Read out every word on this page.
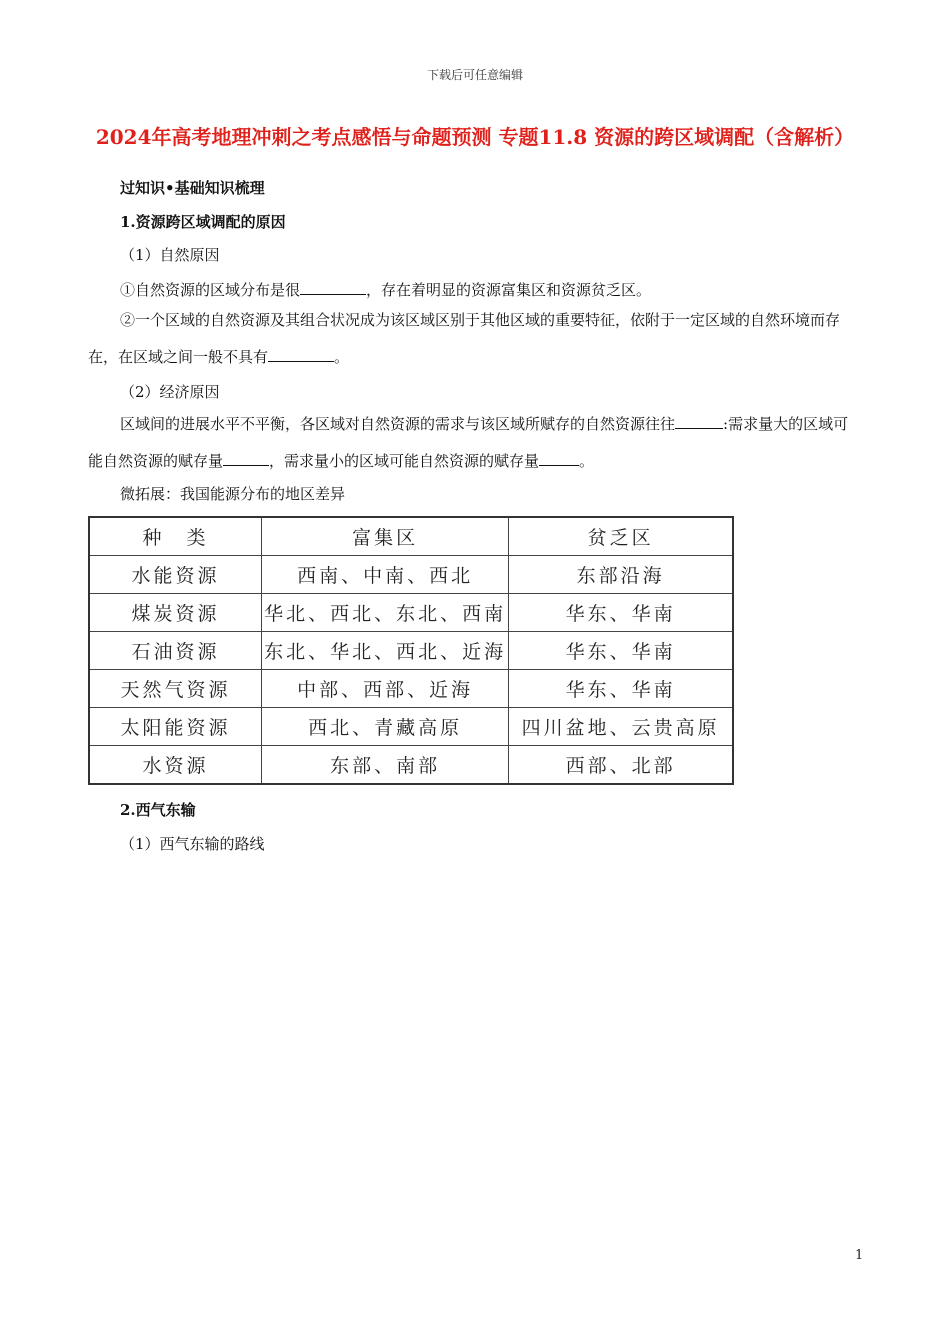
下载后可任意编辑
2024年高考地理冲刺之考点感悟与命题预测 专题11.8 资源的跨区域调配（含解析）
过知识•基础知识梳理
1.资源跨区域调配的原因
（1）自然原因
①自然资源的区域分布是很	，存在着明显的资源富集区和资源贫乏区。
②一个区域的自然资源及其组合状况成为该区域区别于其他区域的重要特征，依附于一定区域的自然环境而存在，在区域之间一般不具有	。
（2）经济原因
区域间的进展水平不平衡，各区域对自然资源的需求与该区域所赋存的自然资源往往	:需求量大的区域可能自然资源的赋存量	，需求量小的区域可能自然资源的赋存量	。
微拓展：我国能源分布的地区差异
种　类	富集区	贫乏区
水能资源	西南、中南、西北	东部沿海
煤炭资源	华北、西北、东北、西南	华东、华南
石油资源	东北、华北、西北、近海	华东、华南
天然气资源	中部、西部、近海	华东、华南
太阳能资源	西北、青藏高原	四川盆地、云贵高原
水资源	东部、南部	西部、北部
2.西气东输
（1）西气东输的路线
1
